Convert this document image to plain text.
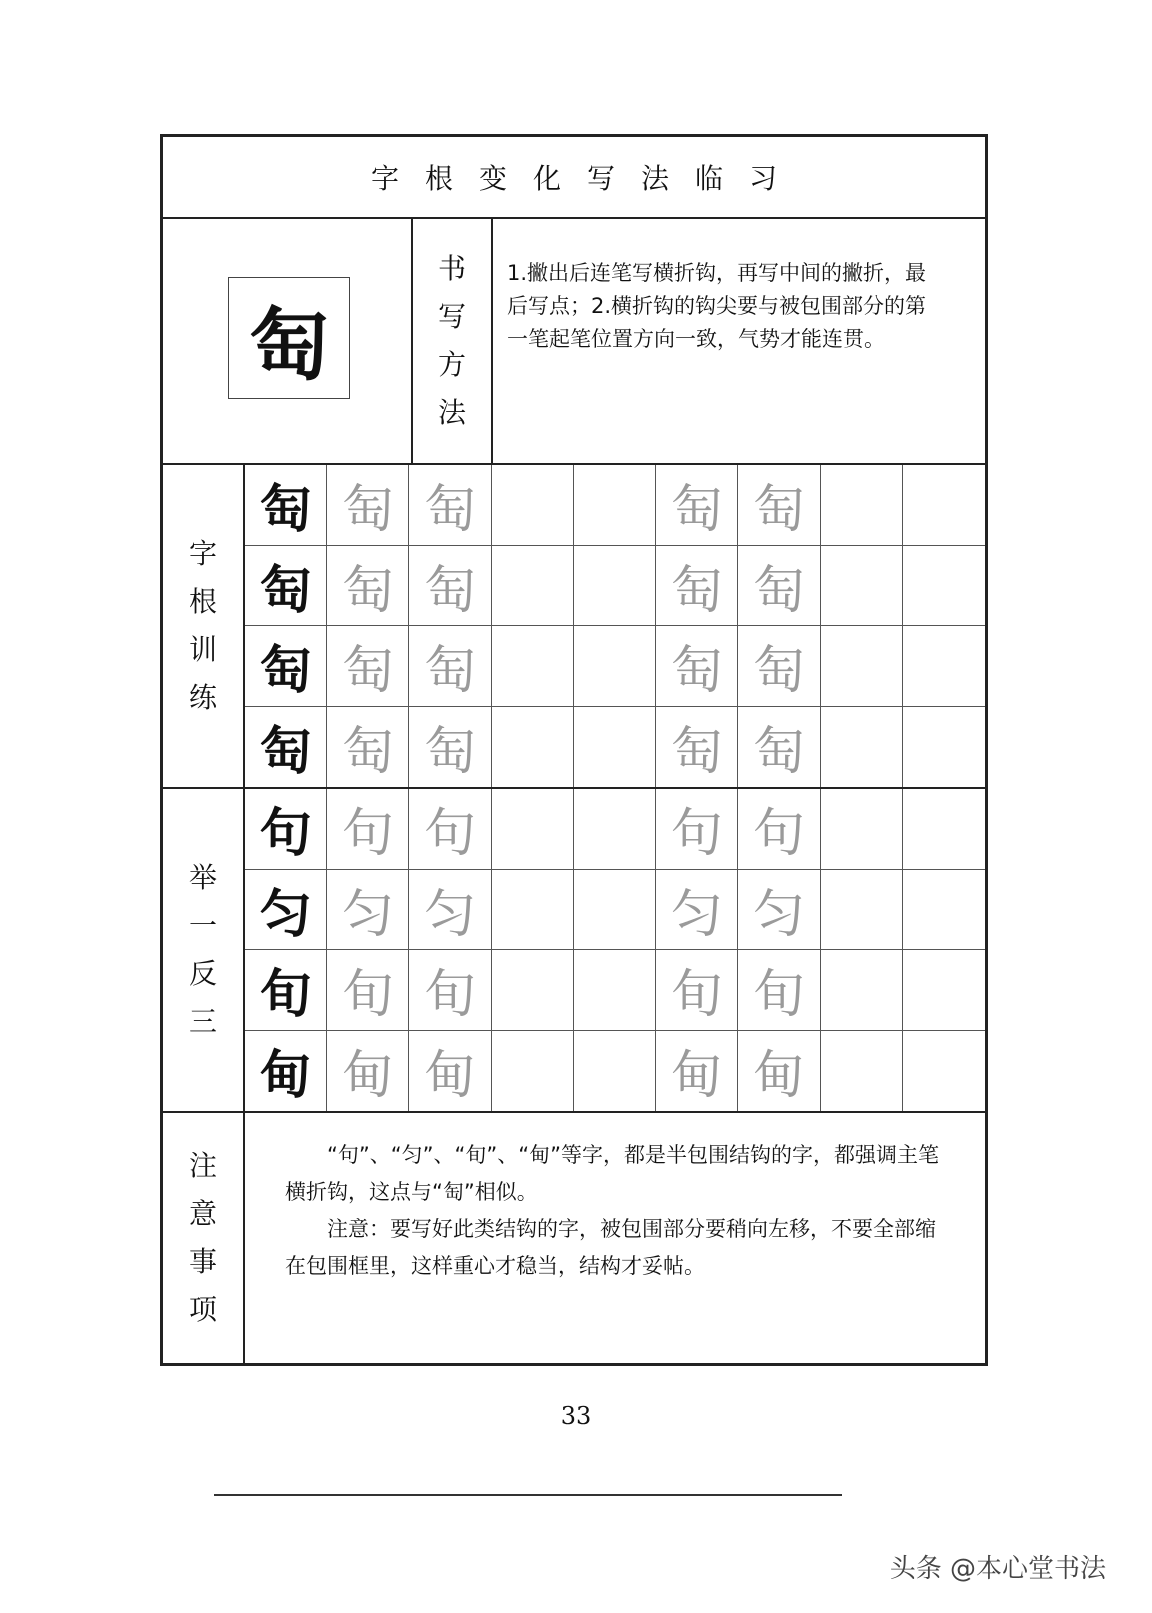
字根变化写法临习
匋
书
写
方
法
1.撇出后连笔写横折钩，再写中间的撇折，最后写点；2.横折钩的钩尖要与被包围部分的第一笔起笔位置方向一致，气势才能连贯。
字
根
训
练
匋 匋 匋	匋 匋
匋 匋 匋	匋 匋
匋 匋 匋	匋 匋
匋 匋 匋	匋 匋
举
一
反
三
句 句 句	句 句
匀 匀 匀	匀 匀
旬 旬 旬	旬 旬
甸 甸 甸	甸 甸
注
意
事
项

“句”、“匀”、“旬”、“甸”等字，都是半包围结钩的字，都强调主笔横折钩，这点与“匋”相似。

注意：要写好此类结钩的字，被包围部分要稍向左移，不要全部缩在包围框里，这样重心才稳当，结构才妥帖。

33
头条 @本心堂书法
